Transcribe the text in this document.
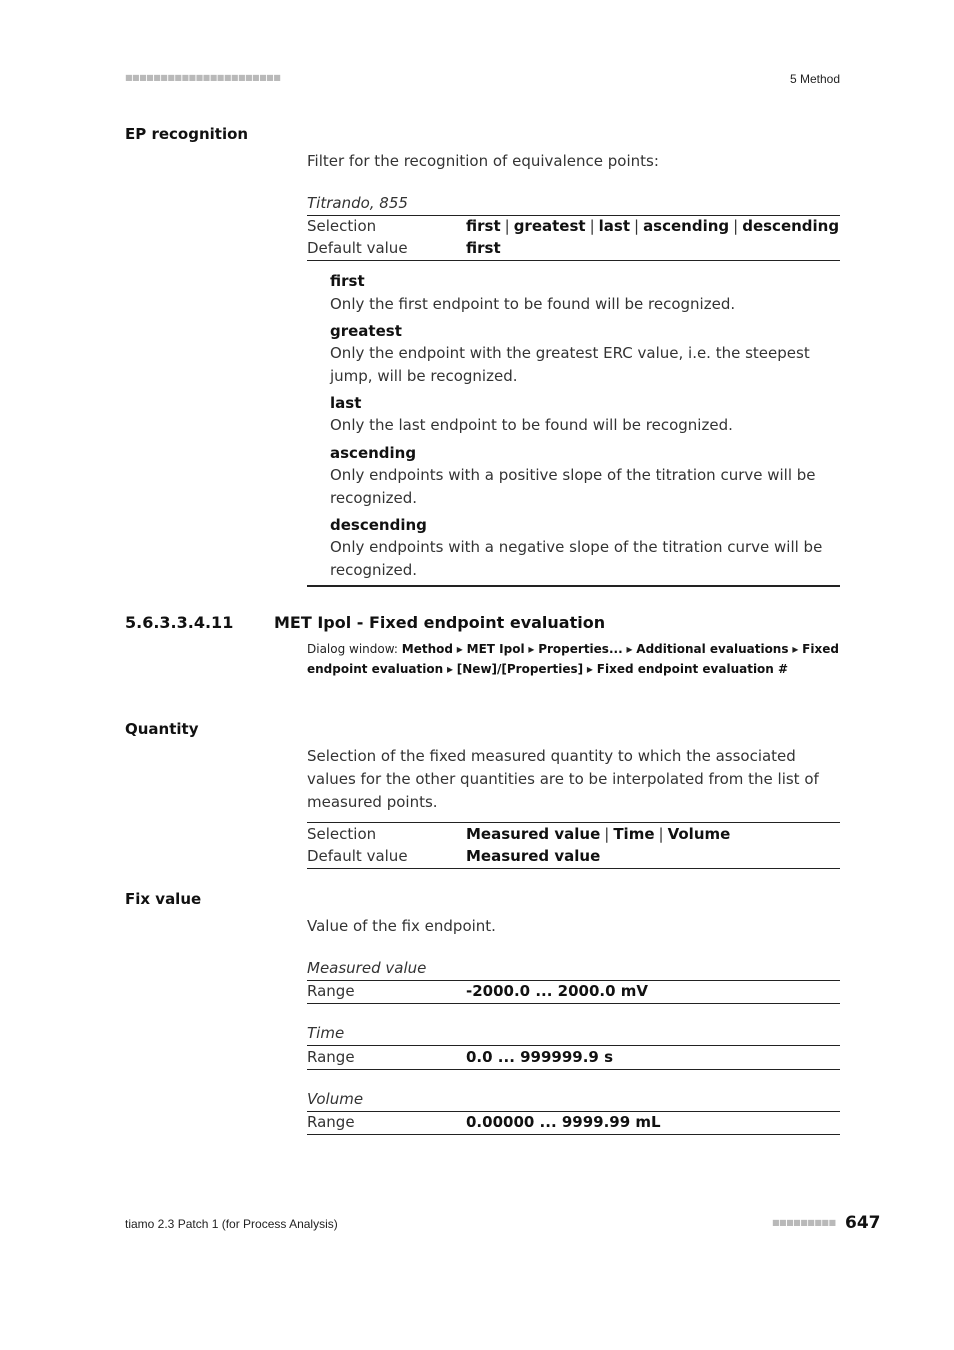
■■■■■■■■■■■■■■■■■■■■■■	5 Method
EP recognition
Filter for the recognition of equivalence points:
Titrando, 855
Selection	first | greatest | last | ascending | descending
Default value	first
first
Only the first endpoint to be found will be recognized.
greatest
Only the endpoint with the greatest ERC value, i.e. the steepest jump, will be recognized.
last
Only the last endpoint to be found will be recognized.
ascending
Only endpoints with a positive slope of the titration curve will be recognized.
descending
Only endpoints with a negative slope of the titration curve will be recognized.
5.6.3.3.4.11	MET Ipol - Fixed endpoint evaluation
Dialog window: Method ▸ MET Ipol ▸ Properties... ▸ Additional evaluations ▸ Fixed endpoint evaluation ▸ [New]/[Properties] ▸ Fixed endpoint evaluation #
Quantity
Selection of the fixed measured quantity to which the associated values for the other quantities are to be interpolated from the list of measured points.
Selection	Measured value | Time | Volume
Default value	Measured value
Fix value
Value of the fix endpoint.
Measured value
Range	-2000.0 ... 2000.0 mV
Time
Range	0.0 ... 999999.9 s
Volume
Range	0.00000 ... 9999.99 mL
tiamo 2.3 Patch 1 (for Process Analysis)	■■■■■■■■■ 647
